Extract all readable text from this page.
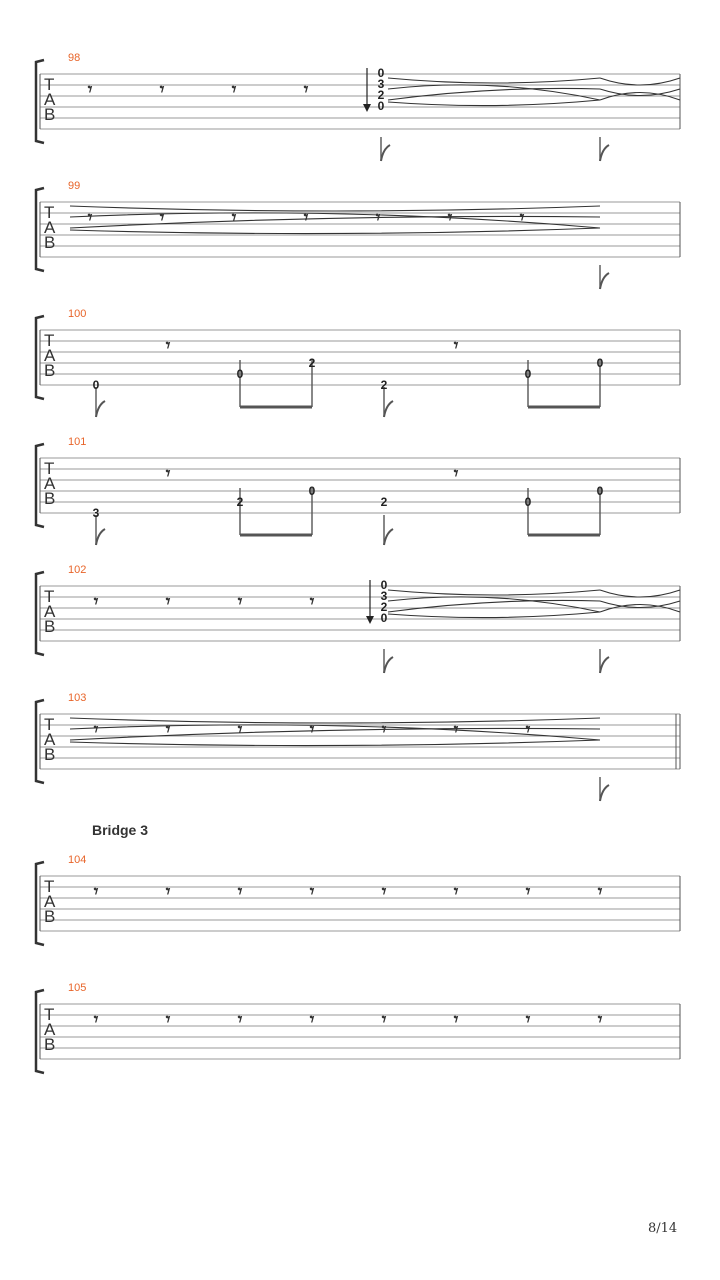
98
T
A
B
𝄾	𝄾	𝄾	𝄾
0
3
2
0
99
T
A
B
𝄾	𝄾	𝄾	𝄾	𝄾	𝄾	𝄾
100
T
A
B
𝄾	𝄾
0
0
2
2
0
0
101
T
A
B
𝄾	𝄾
3
2
0
2	0
0
102
T
A
B
𝄾	𝄾	𝄾	𝄾
0
3
2
0
103
T
A
B
𝄾	𝄾	𝄾	𝄾	𝄾	𝄾	𝄾
104
T
A
B
𝄾	𝄾	𝄾	𝄾	𝄾	𝄾	𝄾	𝄾
105
T
A
B
𝄾	𝄾	𝄾	𝄾	𝄾	𝄾	𝄾	𝄾
Bridge 3
8/14
